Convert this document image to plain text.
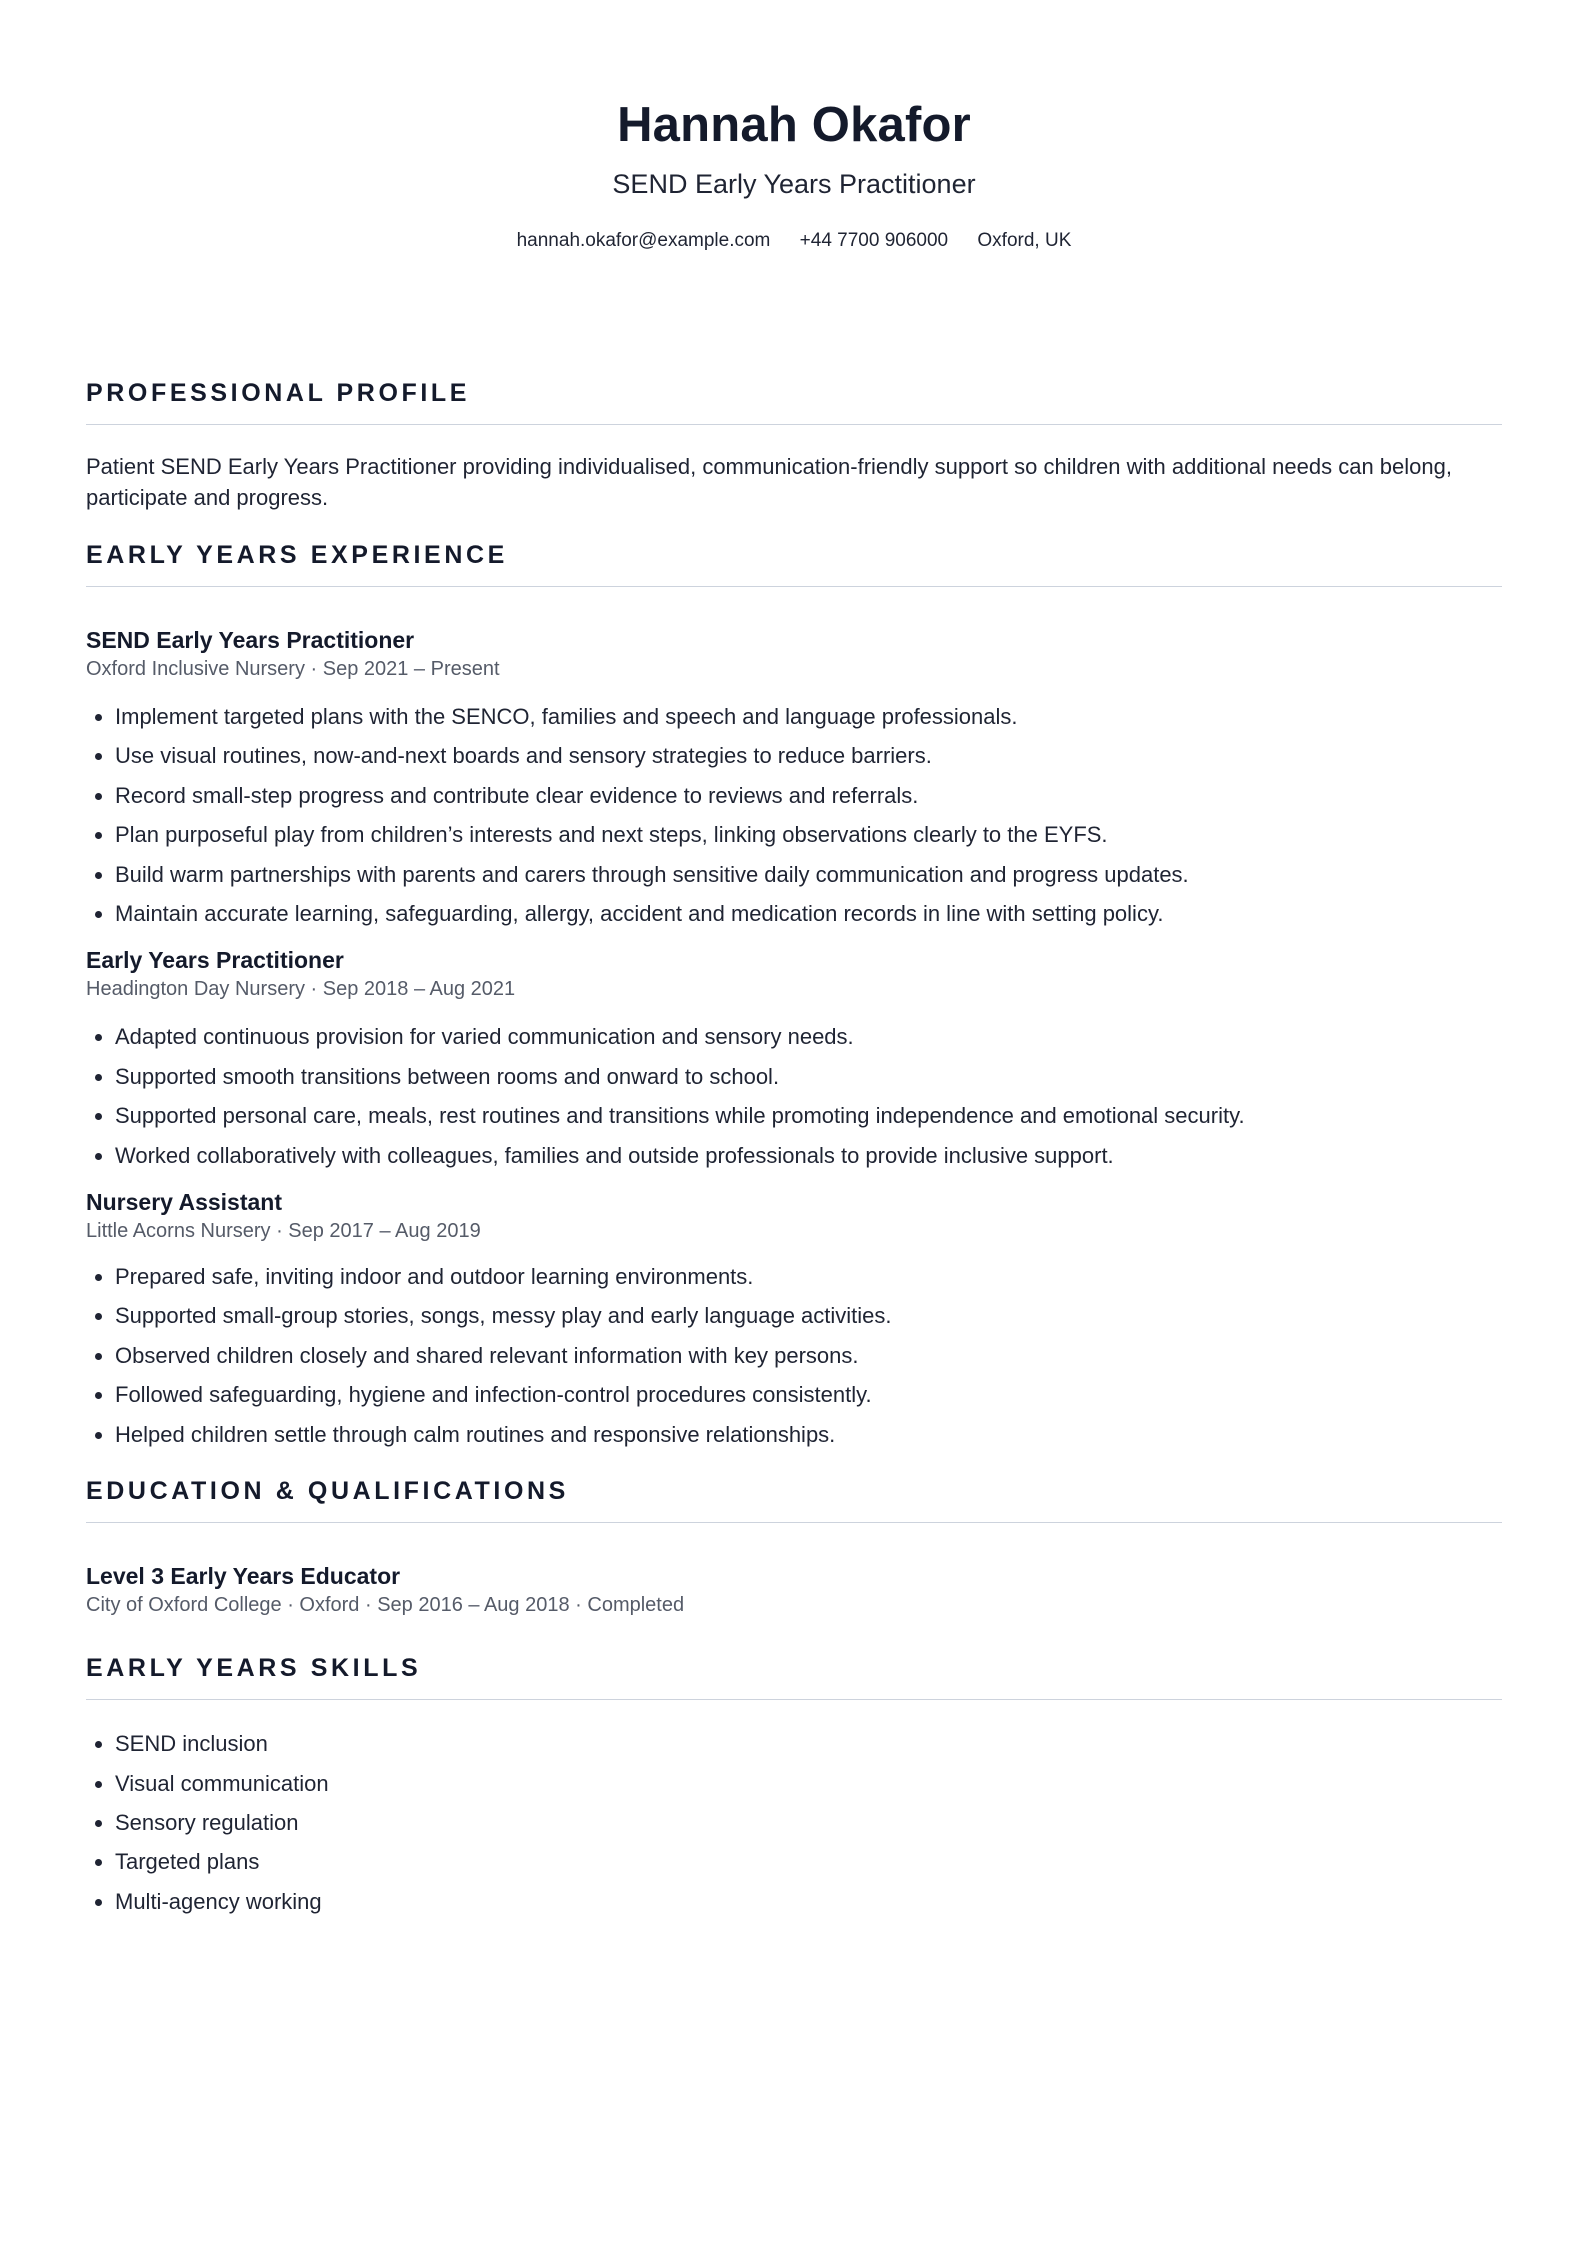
Hannah Okafor
SEND Early Years Practitioner
hannah.okafor@example.com +44 7700 906000 Oxford, UK
PROFESSIONAL PROFILE

Patient SEND Early Years Practitioner providing individualised, communication-friendly support so children with additional needs can belong, participate and progress.

EARLY YEARS EXPERIENCE
SEND Early Years Practitioner

Oxford Inclusive Nursery · Sep 2021 – Present

• Implement targeted plans with the SENCO, families and speech and language professionals.
• Use visual routines, now-and-next boards and sensory strategies to reduce barriers.
• Record small-step progress and contribute clear evidence to reviews and referrals.
• Plan purposeful play from children’s interests and next steps, linking observations clearly to the EYFS.
• Build warm partnerships with parents and carers through sensitive daily communication and progress updates.
• Maintain accurate learning, safeguarding, allergy, accident and medication records in line with setting policy.
Early Years Practitioner

Headington Day Nursery · Sep 2018 – Aug 2021

• Adapted continuous provision for varied communication and sensory needs.
• Supported smooth transitions between rooms and onward to school.
• Supported personal care, meals, rest routines and transitions while promoting independence and emotional security.
• Worked collaboratively with colleagues, families and outside professionals to provide inclusive support.
Nursery Assistant

Little Acorns Nursery · Sep 2017 – Aug 2019

• Prepared safe, inviting indoor and outdoor learning environments.
• Supported small-group stories, songs, messy play and early language activities.
• Observed children closely and shared relevant information with key persons.
• Followed safeguarding, hygiene and infection-control procedures consistently.
• Helped children settle through calm routines and responsive relationships.
EDUCATION & QUALIFICATIONS
Level 3 Early Years Educator

City of Oxford College · Oxford · Sep 2016 – Aug 2018 · Completed

EARLY YEARS SKILLS
• SEND inclusion
• Visual communication
• Sensory regulation
• Targeted plans
• Multi-agency working
